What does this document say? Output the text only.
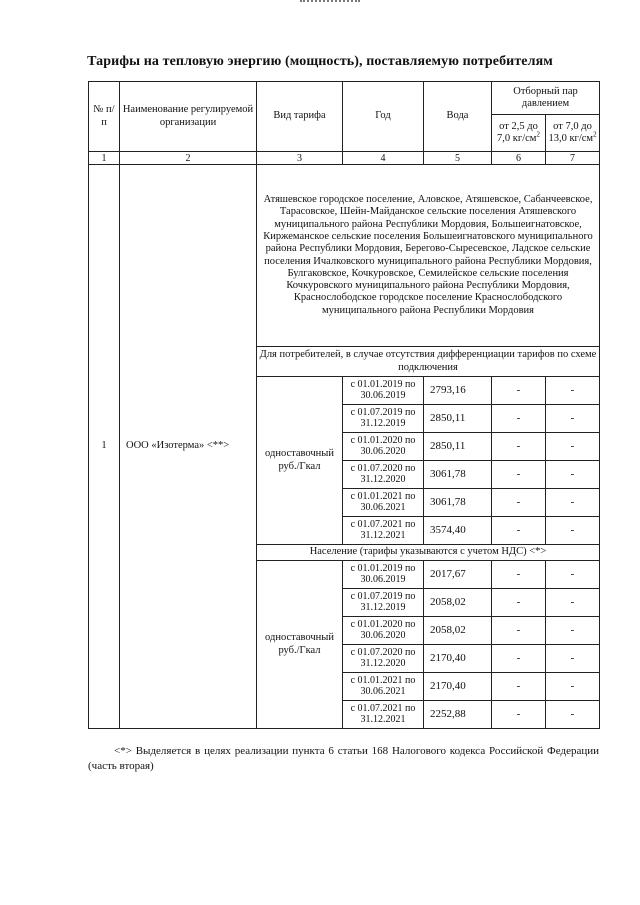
Тарифы на тепловую энергию (мощность), поставляемую потребителям
№ п/п	Наименование регулируемой организации	Вид тарифа	Год	Вода	Отборный пар давлением	
					от 2,5 до 7,0 $кг/см^2$	от 7,0 до 13,0 $кг/см^2$
1	2	3	4	5	6	7
1	ООО «Изотерма» <**>	Атяшевское городское поселение, Аловское, Атяшевское, Сабанчеевское, Тарасовское, Шейн-Майданское сельские поселения Атяшевского муниципального района Республики Мордовия, Большеигнатовское, Киржеманское сельские поселения Большеигнатовского муниципального района Республики Мордовия, Берегово-Сыресевское, Ладское сельские поселения Ичалковского муниципального района Республики Мордовия, Булгаковское, Кочкуровское, Семилейское сельские поселения Кочкуровского муниципального района Республики Мордовия, Краснослободское городское поселение Краснослободского муниципального района Республики Мордовия				
		Для потребителей, в случае отсутствия дифференциации тарифов по схеме подключения				
		одноставочный руб./Гкал	с 01.01.2019 по 30.06.2019	2793,16	-	-
			с 01.07.2019 по 31.12.2019	2850,11	-	-
			с 01.01.2020 по 30.06.2020	2850,11	-	-
			с 01.07.2020 по 31.12.2020	3061,78	-	-
			с 01.01.2021 по 30.06.2021	3061,78	-	-
			с 01.07.2021 по 31.12.2021	3574,40	-	-
		Население (тарифы указываются с учетом НДС) <*>				
		одноставочный руб./Гкал	с 01.01.2019 по 30.06.2019	2017,67	-	-
			с 01.07.2019 по 31.12.2019	2058,02	-	-
			с 01.01.2020 по 30.06.2020	2058,02	-	-
			с 01.07.2020 по 31.12.2020	2170,40	-	-
			с 01.01.2021 по 30.06.2021	2170,40	-	-
			с 01.07.2021 по 31.12.2021	2252,88	-	-
<*> Выделяется в целях реализации пункта 6 статьи 168 Налогового кодекса Российской Федерации (часть вторая)
